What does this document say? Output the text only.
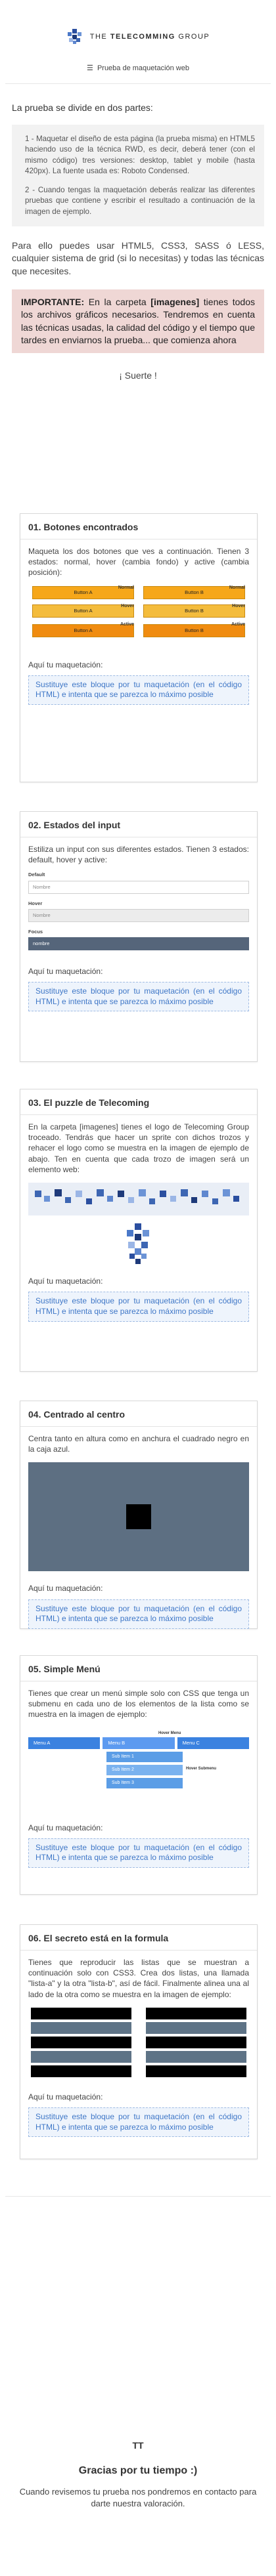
THE TELECOMMING GROUP
☰ Prueba de maquetación web
La prueba se divide en dos partes:

1 - Maquetar el diseño de esta página (la prueba misma) en HTML5 haciendo uso de la técnica RWD, es decir, deberá tener (con el mismo código) tres versiones: desktop, tablet y mobile (hasta 420px). La fuente usada es: Roboto Condensed.

2 - Cuando tengas la maquetación deberás realizar las diferentes pruebas que contiene y escribir el resultado a continuación de la imagen de ejemplo.

Para ello puedes usar HTML5, CSS3, SASS ó LESS, cualquier sistema de grid (si lo necesitas) y todas las técnicas que necesites.
IMPORTANTE: En la carpeta [imagenes] tienes todos los archivos gráficos necesarios. Tendremos en cuenta las técnicas usadas, la calidad del código y el tiempo que tardes en enviarnos la prueba... que comienza ahora
¡ Suerte !
01. Botones encontrados
Maqueta los dos botones que ves a continuación. Tienen 3 estados: normal, hover (cambia fondo) y active (cambia posición):
Normal	Normal
Button A	Button B
Hover	Hover
Button A	Button B
Active	Active
Button A	Button B
Aquí tu maquetación:
Sustituye este bloque por tu maquetación (en el código HTML) e intenta que se parezca lo máximo posible
02. Estados del input
Estiliza un input con sus diferentes estados. Tienen 3 estados: default, hover y active:
Default
Nombre
Hover
Nombre
Focus
nombre
Aquí tu maquetación:
Sustituye este bloque por tu maquetación (en el código HTML) e intenta que se parezca lo máximo posible
03. El puzzle de Telecoming
En la carpeta [imagenes] tienes el logo de Telecoming Group troceado. Tendrás que hacer un sprite con dichos trozos y rehacer el logo como se muestra en la imagen de ejemplo de abajo. Ten en cuenta que cada trozo de imagen será un elemento web:
Aquí tu maquetación:
Sustituye este bloque por tu maquetación (en el código HTML) e intenta que se parezca lo máximo posible
04. Centrado al centro
Centra tanto en altura como en anchura el cuadrado negro en la caja azul.
Aquí tu maquetación:
Sustituye este bloque por tu maquetación (en el código HTML) e intenta que se parezca lo máximo posible
05. Simple Menú
Tienes que crear un menú simple solo con CSS que tenga un submenu en cada uno de los elementos de la lista como se muestra en la imagen de ejemplo:
Hover Menu
Menu A	Menu B	Menu C
Sub Item 1
Sub Item 2
Sub Item 3
Hover Submenu
Aquí tu maquetación:
Sustituye este bloque por tu maquetación (en el código HTML) e intenta que se parezca lo máximo posible
06. El secreto está en la formula
Tienes que reproducir las listas que se muestran a continuación solo con CSS3. Crea dos listas, una llamada "lista-a" y la otra "lista-b", así de fácil. Finalmente alinea una al lado de la otra como se muestra en la imagen de ejemplo:
Aquí tu maquetación:
Sustituye este bloque por tu maquetación (en el código HTML) e intenta que se parezca lo máximo posible
TT
Gracias por tu tiempo :)
Cuando revisemos tu prueba nos pondremos en contacto para darte nuestra valoración.
